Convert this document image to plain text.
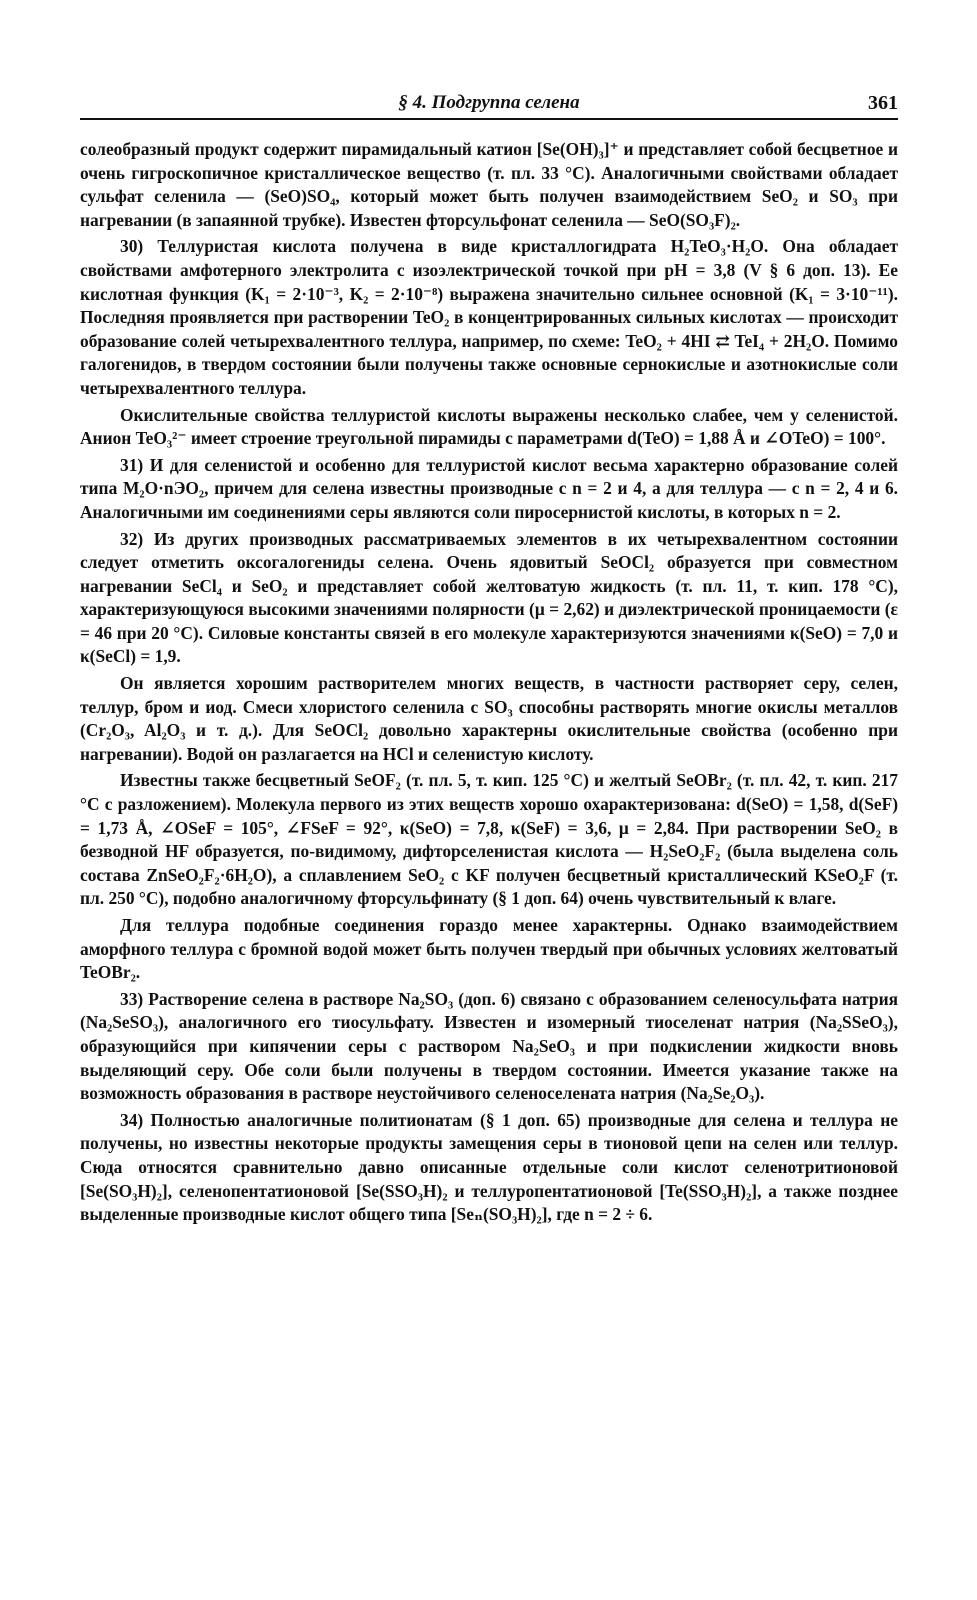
§ 4. Подгруппа селена	361

солеобразный продукт содержит пирамидальный катион [Se(OH)₃]⁺ и представляет собой бесцветное и очень гигроскопичное кристаллическое вещество (т. пл. 33 °C). Аналогичными свойствами обладает сульфат селенила — (SeO)SO₄, который может быть получен взаимодействием SeO₂ и SO₃ при нагревании (в запаянной трубке). Известен фторсульфонат селенила — SeO(SO₃F)₂.

30) Теллуристая кислота получена в виде кристаллогидрата H₂TeO₃·H₂O. Она обладает свойствами амфотерного электролита с изоэлектрической точкой при pH = 3,8 (V § 6 доп. 13). Ее кислотная функция (K₁ = 2·10⁻³, K₂ = 2·10⁻⁸) выражена значительно сильнее основной (K₁ = 3·10⁻¹¹). Последняя проявляется при растворении TeO₂ в концентрированных сильных кислотах — происходит образование солей четырехвалентного теллура, например, по схеме: TeO₂ + 4HI ⇄ TeI₄ + 2H₂O. Помимо галогенидов, в твердом состоянии были получены также основные сернокислые и азотнокислые соли четырехвалентного теллура.

Окислительные свойства теллуристой кислоты выражены несколько слабее, чем у селенистой. Анион TeO₃²⁻ имеет строение треугольной пирамиды с параметрами d(TeO) = 1,88 Å и ∠OTeO) = 100°.

31) И для селенистой и особенно для теллуристой кислот весьма характерно образование солей типа M₂O·nЭO₂, причем для селена известны производные с n = 2 и 4, а для теллура — с n = 2, 4 и 6. Аналогичными им соединениями серы являются соли пиросернистой кислоты, в которых n = 2.

32) Из других производных рассматриваемых элементов в их четырехвалентном состоянии следует отметить оксогалогениды селена. Очень ядовитый SeOCl₂ образуется при совместном нагревании SeCl₄ и SeO₂ и представляет собой желтоватую жидкость (т. пл. 11, т. кип. 178 °C), характеризующуюся высокими значениями полярности (μ = 2,62) и диэлектрической проницаемости (ε = 46 при 20 °C). Силовые константы связей в его молекуле характеризуются значениями κ(SeO) = 7,0 и κ(SeCl) = 1,9.

Он является хорошим растворителем многих веществ, в частности растворяет серу, селен, теллур, бром и иод. Смеси хлористого селенила с SO₃ способны растворять многие окислы металлов (Cr₂O₃, Al₂O₃ и т. д.). Для SeOCl₂ довольно характерны окислительные свойства (особенно при нагревании). Водой он разлагается на HCl и селенистую кислоту.

Известны также бесцветный SeOF₂ (т. пл. 5, т. кип. 125 °C) и желтый SeOBr₂ (т. пл. 42, т. кип. 217 °C с разложением). Молекула первого из этих веществ хорошо охарактеризована: d(SeO) = 1,58, d(SeF) = 1,73 Å, ∠OSeF = 105°, ∠FSeF = 92°, κ(SeO) = 7,8, κ(SeF) = 3,6, μ = 2,84. При растворении SeO₂ в безводной HF образуется, по-видимому, дифторселенистая кислота — H₂SeO₂F₂ (была выделена соль состава ZnSeO₂F₂·6H₂O), а сплавлением SeO₂ с KF получен бесцветный кристаллический KSeO₂F (т. пл. 250 °C), подобно аналогичному фторсульфинату (§ 1 доп. 64) очень чувствительный к влаге.

Для теллура подобные соединения гораздо менее характерны. Однако взаимодействием аморфного теллура с бромной водой может быть получен твердый при обычных условиях желтоватый TeOBr₂.

33) Растворение селена в растворе Na₂SO₃ (доп. 6) связано с образованием селеносульфата натрия (Na₂SeSO₃), аналогичного его тиосульфату. Известен и изомерный тиоселенат натрия (Na₂SSeO₃), образующийся при кипячении серы с раствором Na₂SeO₃ и при подкислении жидкости вновь выделяющий серу. Обе соли были получены в твердом состоянии. Имеется указание также на возможность образования в растворе неустойчивого селеноселената натрия (Na₂Se₂O₃).

34) Полностью аналогичные политионатам (§ 1 доп. 65) производные для селена и теллура не получены, но известны некоторые продукты замещения серы в тионовой цепи на селен или теллур. Сюда относятся сравнительно давно описанные отдельные соли кислот селенотритионовой [Se(SO₃H)₂], селенопентатионовой [Se(SSO₃H)₂ и теллуропентатионовой [Te(SSO₃H)₂], а также позднее выделенные производные кислот общего типа [Seₙ(SO₃H)₂], где n = 2 ÷ 6.
